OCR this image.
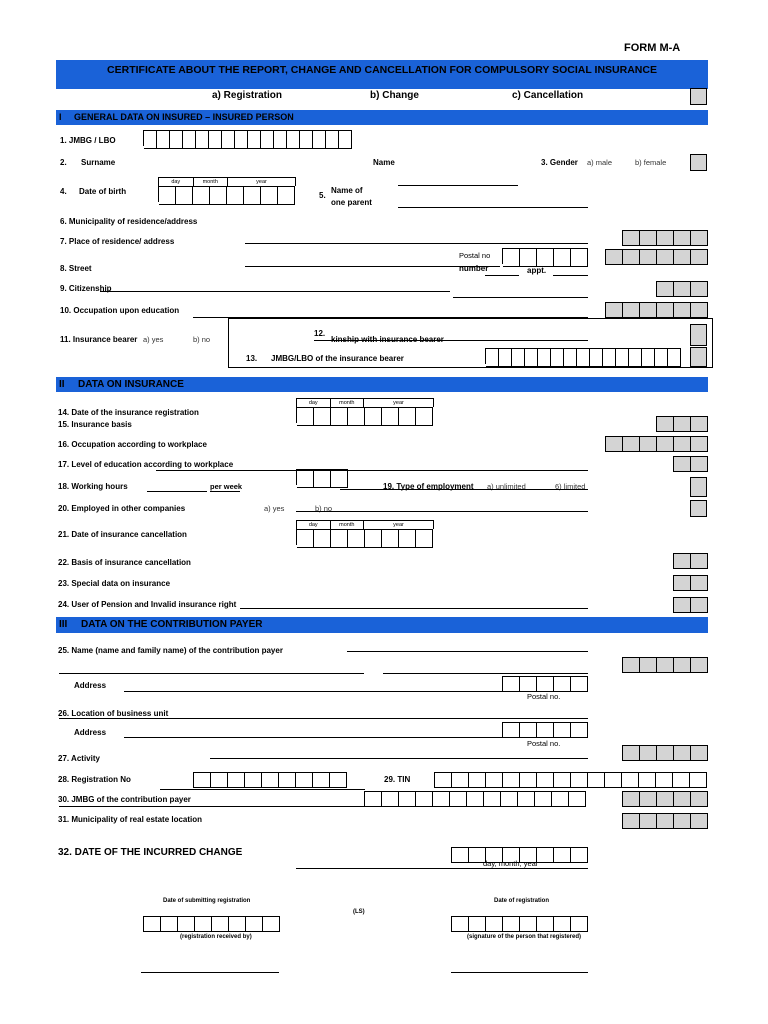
FORM M-A
CERTIFICATE ABOUT THE REPORT, CHANGE AND CANCELLATION FOR COMPULSORY SOCIAL INSURANCE
a) Registration	b) Change	c) Cancellation
I GENERAL DATA ON INSURED – INSURED PERSON
1. JMBG / LBO
2. Surname	Name	3. Gender a) male	b) female
day	month	year
4. Date of birth	5.
Name of
one parent
6. Municipality of residence/address
7. Place of residence/ address
Postal no
8. Street	number	appt.
9. Citizenship
10. Occupation upon education
11. Insurance bearer a) yes	b) no
12.
kinship with insurance bearer
13. JMBG/LBO of the insurance bearer
II DATA ON INSURANCE
day	month	year
14. Date of the insurance registration
15. Insurance basis
16. Occupation according to workplace
17. Level of education according to workplace
18. Working hours	per week	19. Type of employment a) unlimited	6) limited
20. Employed in other companies	a) yes	b) no
day	month	year
21. Date of insurance cancellation
22. Basis of insurance cancellation
23. Special data on insurance
24. User of Pension and Invalid insurance right
III DATA ON THE CONTRIBUTION PAYER
25. Name (name and family name) of the contribution payer
Address
Postal no.
26. Location of business unit
Address
Postal no.
27. Activity
28. Registration No	29. TIN
30. JMBG of the contribution payer
31. Municipality of real estate location
32. DATE OF THE INCURRED CHANGE
day, month, year
Date of submitting registration
(registration received by)
(LS)
Date of registration
(signature of the person that registered)
